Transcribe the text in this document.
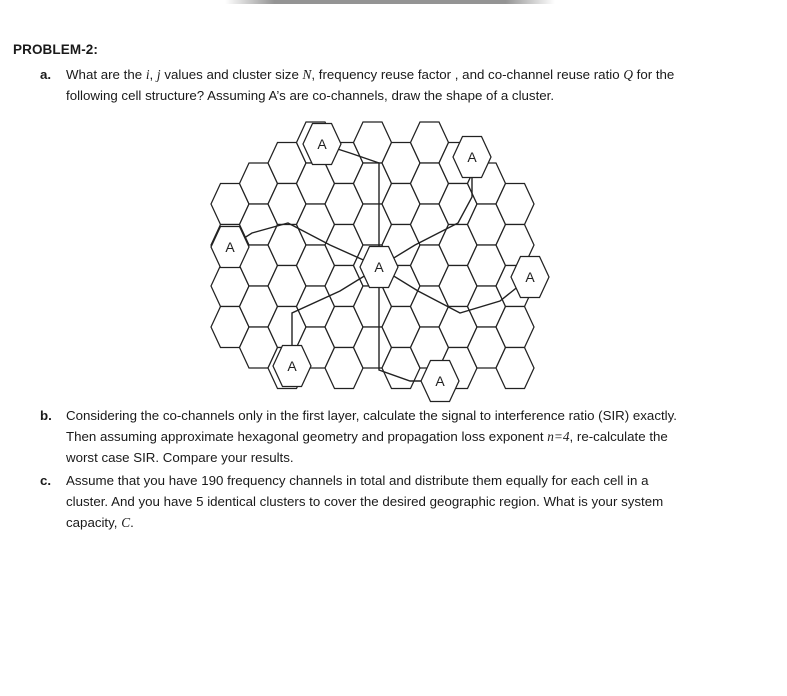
PROBLEM-2:
a. What are the i, j values and cluster size N, frequency reuse factor , and co-channel reuse ratio Q for the
following cell structure? Assuming A’s are co-channels, draw the shape of a cluster.
A
A
A
A
A
A
A
b. Considering the co-channels only in the first layer, calculate the signal to interference ratio (SIR) exactly.
Then assuming approximate hexagonal geometry and propagation loss exponent n=4, re-calculate the
worst case SIR. Compare your results.
c. Assume that you have 190 frequency channels in total and distribute them equally for each cell in a
cluster. And you have 5 identical clusters to cover the desired geographic region. What is your system
capacity, C.
